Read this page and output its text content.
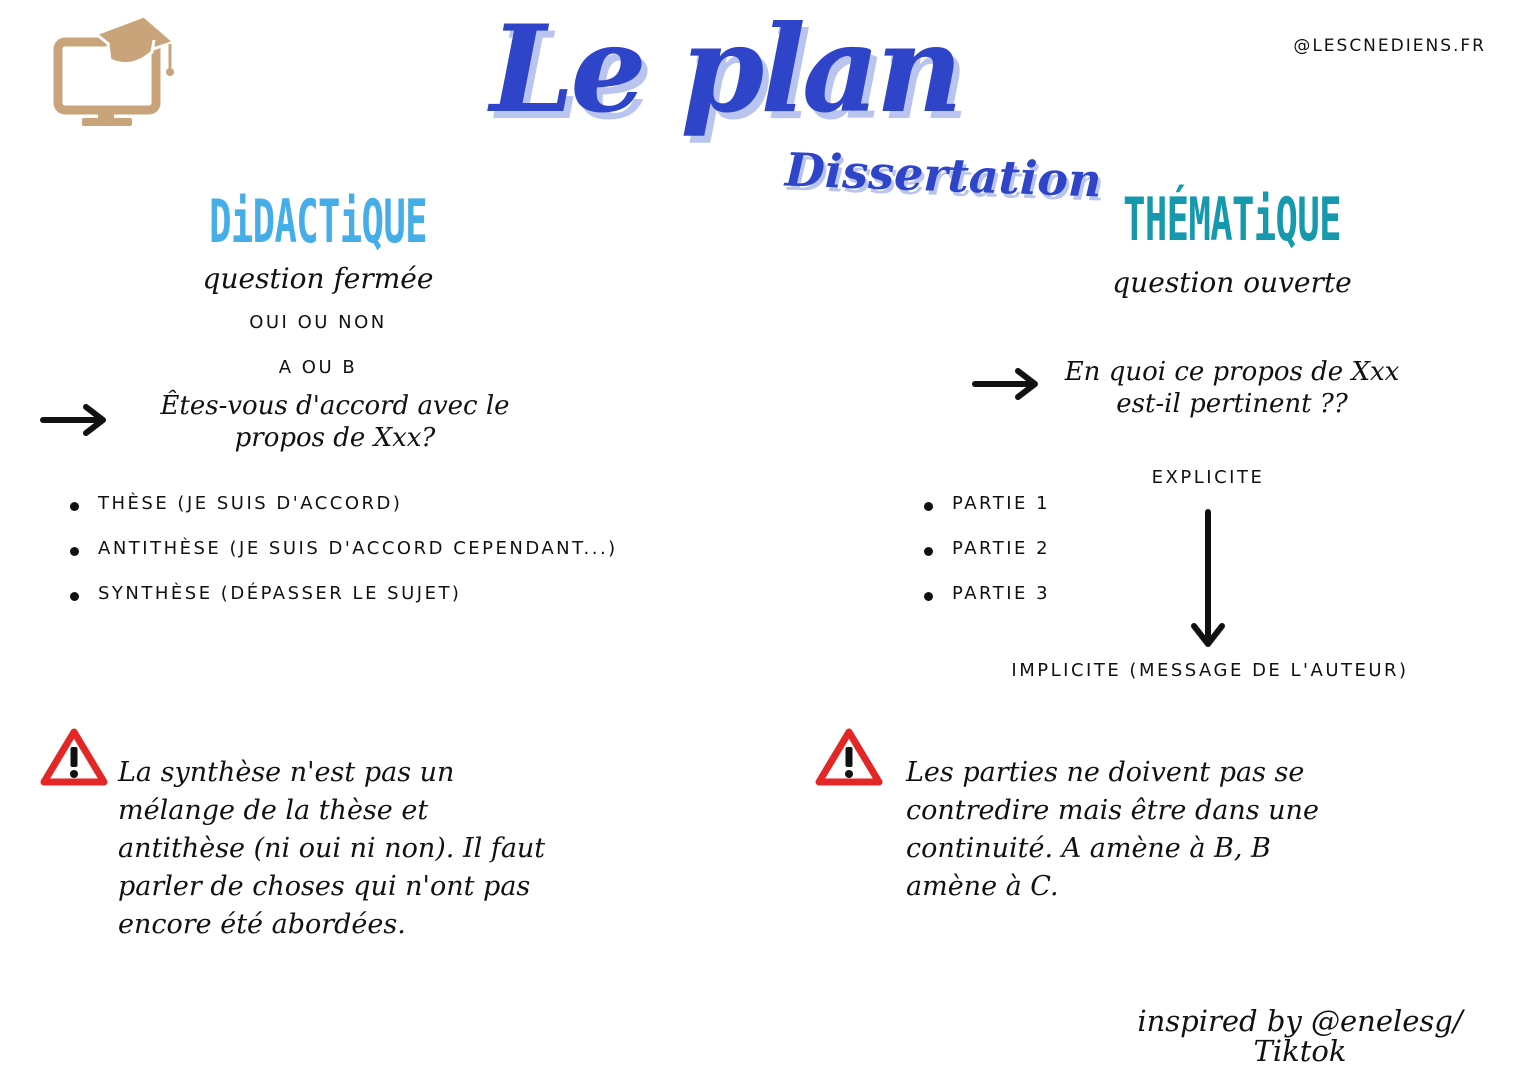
Le plan
Dissertation
@LESCNEDIENS.FR
DiDACTiQUE
question fermée
OUI OU NON
A OU B
Êtes-vous d'accord avec le propos de Xxx?
THÈSE (JE SUIS D'ACCORD)
ANTITHÈSE (JE SUIS D'ACCORD CEPENDANT...)
SYNTHÈSE (DÉPASSER LE SUJET)
La synthèse n'est pas un mélange de la thèse et antithèse (ni oui ni non). Il faut parler de choses qui n'ont pas encore été abordées.
THÉMATiQUE
question ouverte
En quoi ce propos de Xxx est-il pertinent ??
EXPLICITE
PARTIE 1
PARTIE 2
PARTIE 3
IMPLICITE (MESSAGE DE L'AUTEUR)
Les parties ne doivent pas se contredire mais être dans une continuité. A amène à B, B amène à C.
inspired by @enelesg/ Tiktok
